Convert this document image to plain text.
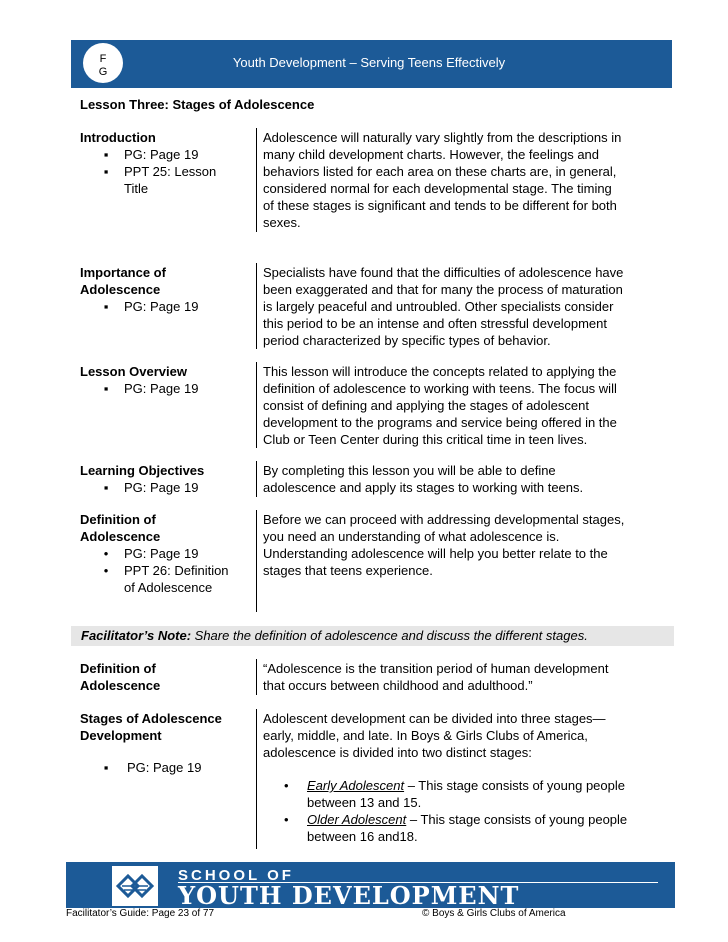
F
G
Youth Development – Serving Teens Effectively
Lesson Three: Stages of Adolescence
Introduction
▪ PG: Page 19
▪ PPT 25: Lesson
Title
Adolescence will naturally vary slightly from the descriptions in
many child development charts. However, the feelings and
behaviors listed for each area on these charts are, in general,
considered normal for each developmental stage. The timing
of these stages is significant and tends to be different for both
sexes.
Importance of
Adolescence
▪ PG: Page 19
Specialists have found that the difficulties of adolescence have
been exaggerated and that for many the process of maturation
is largely peaceful and untroubled. Other specialists consider
this period to be an intense and often stressful development
period characterized by specific types of behavior.
Lesson Overview
▪ PG: Page 19
This lesson will introduce the concepts related to applying the
definition of adolescence to working with teens. The focus will
consist of defining and applying the stages of adolescent
development to the programs and service being offered in the
Club or Teen Center during this critical time in teen lives.
Learning Objectives
▪ PG: Page 19
By completing this lesson you will be able to define
adolescence and apply its stages to working with teens.
Definition of
Adolescence
• PG: Page 19
• PPT 26: Definition
of Adolescence
Before we can proceed with addressing developmental stages,
you need an understanding of what adolescence is.
Understanding adolescence will help you better relate to the
stages that teens experience.
Facilitator’s Note: Share the definition of adolescence and discuss the different stages.
Definition of
Adolescence
“Adolescence is the transition period of human development
that occurs between childhood and adulthood.”
Stages of Adolescence
Development
▪ PG: Page 19
Adolescent development can be divided into three stages—
early, middle, and late. In Boys & Girls Clubs of America,
adolescence is divided into two distinct stages:
• Early Adolescent – This stage consists of young people
between 13 and 15.
• Older Adolescent – This stage consists of young people
between 16 and18.
SCHOOL OF
YOUTH DEVELOPMENT
Facilitator’s Guide: Page 23 of 77	© Boys & Girls Clubs of America
